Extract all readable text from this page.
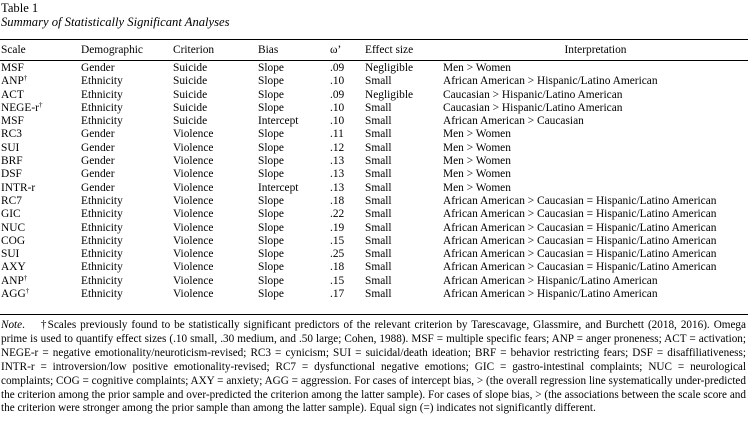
Table 1
Summary of Statistically Significant Analyses
Scale	Demographic	Criterion	Bias	ω’	Effect size	Interpretation
MSF	Gender	Suicide	Slope	.09	Negligible	Men > Women
ANP†	Ethnicity	Suicide	Slope	.10	Small	African American > Hispanic/Latino American
ACT	Ethnicity	Suicide	Slope	.09	Negligible	Caucasian > Hispanic/Latino American
NEGE-r†	Ethnicity	Suicide	Slope	.10	Small	Caucasian > Hispanic/Latino American
MSF	Ethnicity	Suicide	Intercept	.10	Small	African American > Caucasian
RC3	Gender	Violence	Slope	.11	Small	Men > Women
SUI	Gender	Violence	Slope	.12	Small	Men > Women
BRF	Gender	Violence	Slope	.13	Small	Men > Women
DSF	Gender	Violence	Slope	.13	Small	Men > Women
INTR-r	Gender	Violence	Intercept	.13	Small	Men > Women
RC7	Ethnicity	Violence	Slope	.18	Small	African American > Caucasian = Hispanic/Latino American
GIC	Ethnicity	Violence	Slope	.22	Small	African American > Caucasian = Hispanic/Latino American
NUC	Ethnicity	Violence	Slope	.19	Small	African American > Caucasian = Hispanic/Latino American
COG	Ethnicity	Violence	Slope	.15	Small	African American > Caucasian = Hispanic/Latino American
SUI	Ethnicity	Violence	Slope	.25	Small	African American > Caucasian = Hispanic/Latino American
AXY	Ethnicity	Violence	Slope	.18	Small	African American > Caucasian = Hispanic/Latino American
ANP†	Ethnicity	Violence	Slope	.15	Small	African American > Hispanic/Latino American
AGG†	Ethnicity	Violence	Slope	.17	Small	African American > Hispanic/Latino American
Note. †Scales previously found to be statistically significant predictors of the relevant criterion by Tarescavage, Glassmire, and Burchett (2018, 2016). Omega prime is used to quantify effect sizes (.10 small, .30 medium, and .50 large; Cohen, 1988). MSF = multiple specific fears; ANP = anger proneness; ACT = activation; NEGE-r = negative emotionality/neuroticism-revised; RC3 = cynicism; SUI = suicidal/death ideation; BRF = behavior restricting fears; DSF = disaffiliativeness; INTR-r = introversion/low positive emotionality-revised; RC7 = dysfunctional negative emotions; GIC = gastro-intestinal complaints; NUC = neurological complaints; COG = cognitive complaints; AXY = anxiety; AGG = aggression. For cases of intercept bias, > (the overall regression line systematically under-predicted the criterion among the prior sample and over-predicted the criterion among the latter sample). For cases of slope bias, > (the associations between the scale score and the criterion were stronger among the prior sample than among the latter sample). Equal sign (=) indicates not significantly different.
